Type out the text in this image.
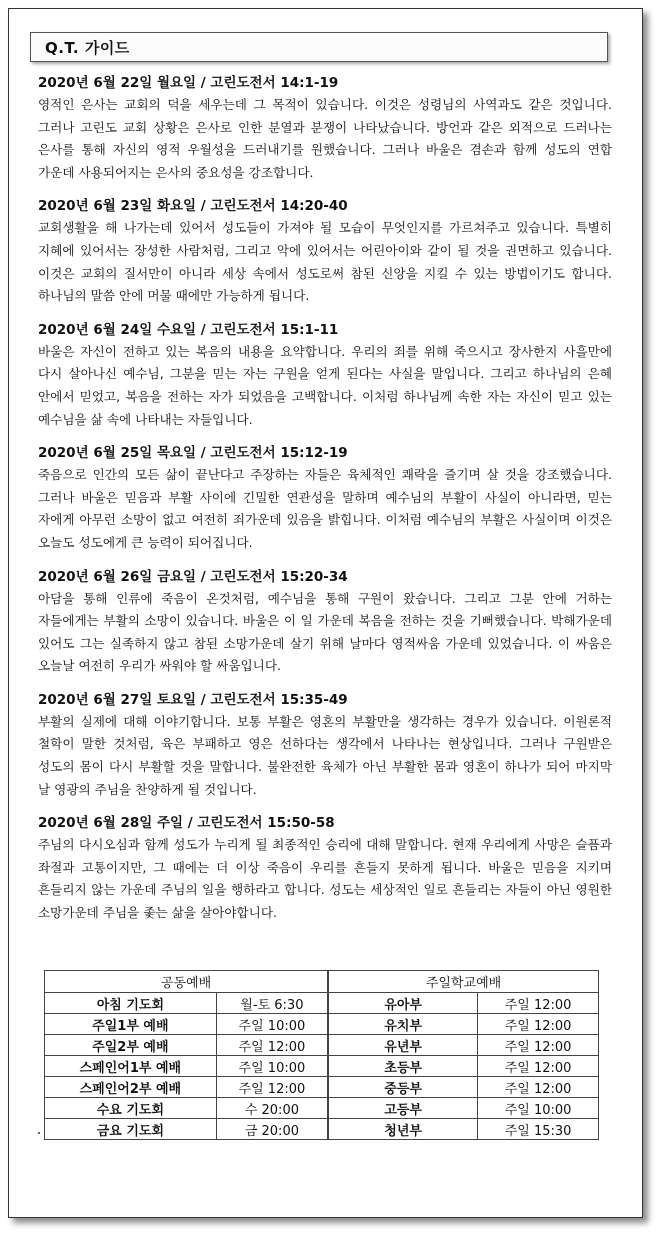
Q.T. 가이드
2020년 6월 22일 월요일 / 고린도전서 14:1-19
영적인 은사는 교회의 덕을 세우는데 그 목적이 있습니다. 이것은 성령님의 사역과도 같은 것입니다. 그러나 고린도 교회 상황은 은사로 인한 분열과 분쟁이 나타났습니다. 방언과 같은 외적으로 드러나는 은사를 통해 자신의 영적 우월성을 드러내기를 원했습니다. 그러나 바울은 겸손과 함께 성도의 연합 가운데 사용되어지는 은사의 중요성을 강조합니다.
2020년 6월 23일 화요일 / 고린도전서 14:20-40
교회생활을 해 나가는데 있어서 성도들이 가져야 될 모습이 무엇인지를 가르쳐주고 있습니다. 특별히 지혜에 있어서는 장성한 사람처럼, 그리고 악에 있어서는 어린아이와 같이 될 것을 권면하고 있습니다. 이것은 교회의 질서만이 아니라 세상 속에서 성도로써 참된 신앙을 지킬 수 있는 방법이기도 합니다. 하나님의 말씀 안에 머물 때에만 가능하게 됩니다.
2020년 6월 24일 수요일 / 고린도전서 15:1-11
바울은 자신이 전하고 있는 복음의 내용을 요약합니다. 우리의 죄를 위해 죽으시고 장사한지 사흘만에 다시 살아나신 예수님, 그분을 믿는 자는 구원을 얻게 된다는 사실을 말입니다. 그리고 하나님의 은혜 안에서 믿었고, 복음을 전하는 자가 되었음을 고백합니다. 이처럼 하나님께 속한 자는 자신이 믿고 있는 예수님을 삶 속에 나타내는 자들입니다.
2020년 6월 25일 목요일 / 고린도전서 15:12-19
죽음으로 인간의 모든 삶이 끝난다고 주장하는 자들은 육체적인 쾌락을 즐기며 살 것을 강조했습니다. 그러나 바울은 믿음과 부활 사이에 긴밀한 연관성을 말하며 예수님의 부활이 사실이 아니라면, 믿는 자에게 아무런 소망이 없고 여전히 죄가운데 있음을 밝힙니다. 이처럼 예수님의 부활은 사실이며 이것은 오늘도 성도에게 큰 능력이 되어집니다.
2020년 6월 26일 금요일 / 고린도전서 15:20-34
아담을 통해 인류에 죽음이 온것처럼, 예수님을 통해 구원이 왔습니다. 그리고 그분 안에 거하는 자들에게는 부활의 소망이 있습니다. 바울은 이 일 가운데 복음을 전하는 것을 기뻐했습니다. 박해가운데 있어도 그는 실족하지 않고 참된 소망가운데 살기 위해 날마다 영적싸움 가운데 있었습니다. 이 싸움은 오늘날 여전히 우리가 싸워야 할 싸움입니다.
2020년 6월 27일 토요일 / 고린도전서 15:35-49
부활의 실제에 대해 이야기합니다. 보통 부활은 영혼의 부활만을 생각하는 경우가 있습니다. 이원론적 철학이 말한 것처럼, 육은 부패하고 영은 선하다는 생각에서 나타나는 현상입니다. 그러나 구원받은 성도의 몸이 다시 부활할 것을 말합니다. 불완전한 육체가 아닌 부활한 몸과 영혼이 하나가 되어 마지막 날 영광의 주님을 찬양하게 될 것입니다.
2020년 6월 28일 주일 / 고린도전서 15:50-58
주님의 다시오심과 함께 성도가 누리게 될 최종적인 승리에 대해 말합니다. 현재 우리에게 사망은 슬픔과 좌절과 고통이지만, 그 때에는 더 이상 죽음이 우리를 흔들지 못하게 됩니다. 바울은 믿음을 지키며 흔들리지 않는 가운데 주님의 일을 행하라고 합니다. 성도는 세상적인 일로 흔들리는 자들이 아닌 영원한 소망가운데 주님을 좇는 삶을 살아야합니다.
공동예배		주일학교예배	
아침 기도회	월-토 6:30	유아부	주일 12:00
주일1부 예배	주일 10:00	유치부	주일 12:00
주일2부 예배	주일 12:00	유년부	주일 12:00
스페인어1부 예배	주일 10:00	초등부	주일 12:00
스페인어2부 예배	주일 12:00	중등부	주일 12:00
수요 기도회	수 20:00	고등부	주일 10:00
금요 기도회	금 20:00	청년부	주일 15:30
